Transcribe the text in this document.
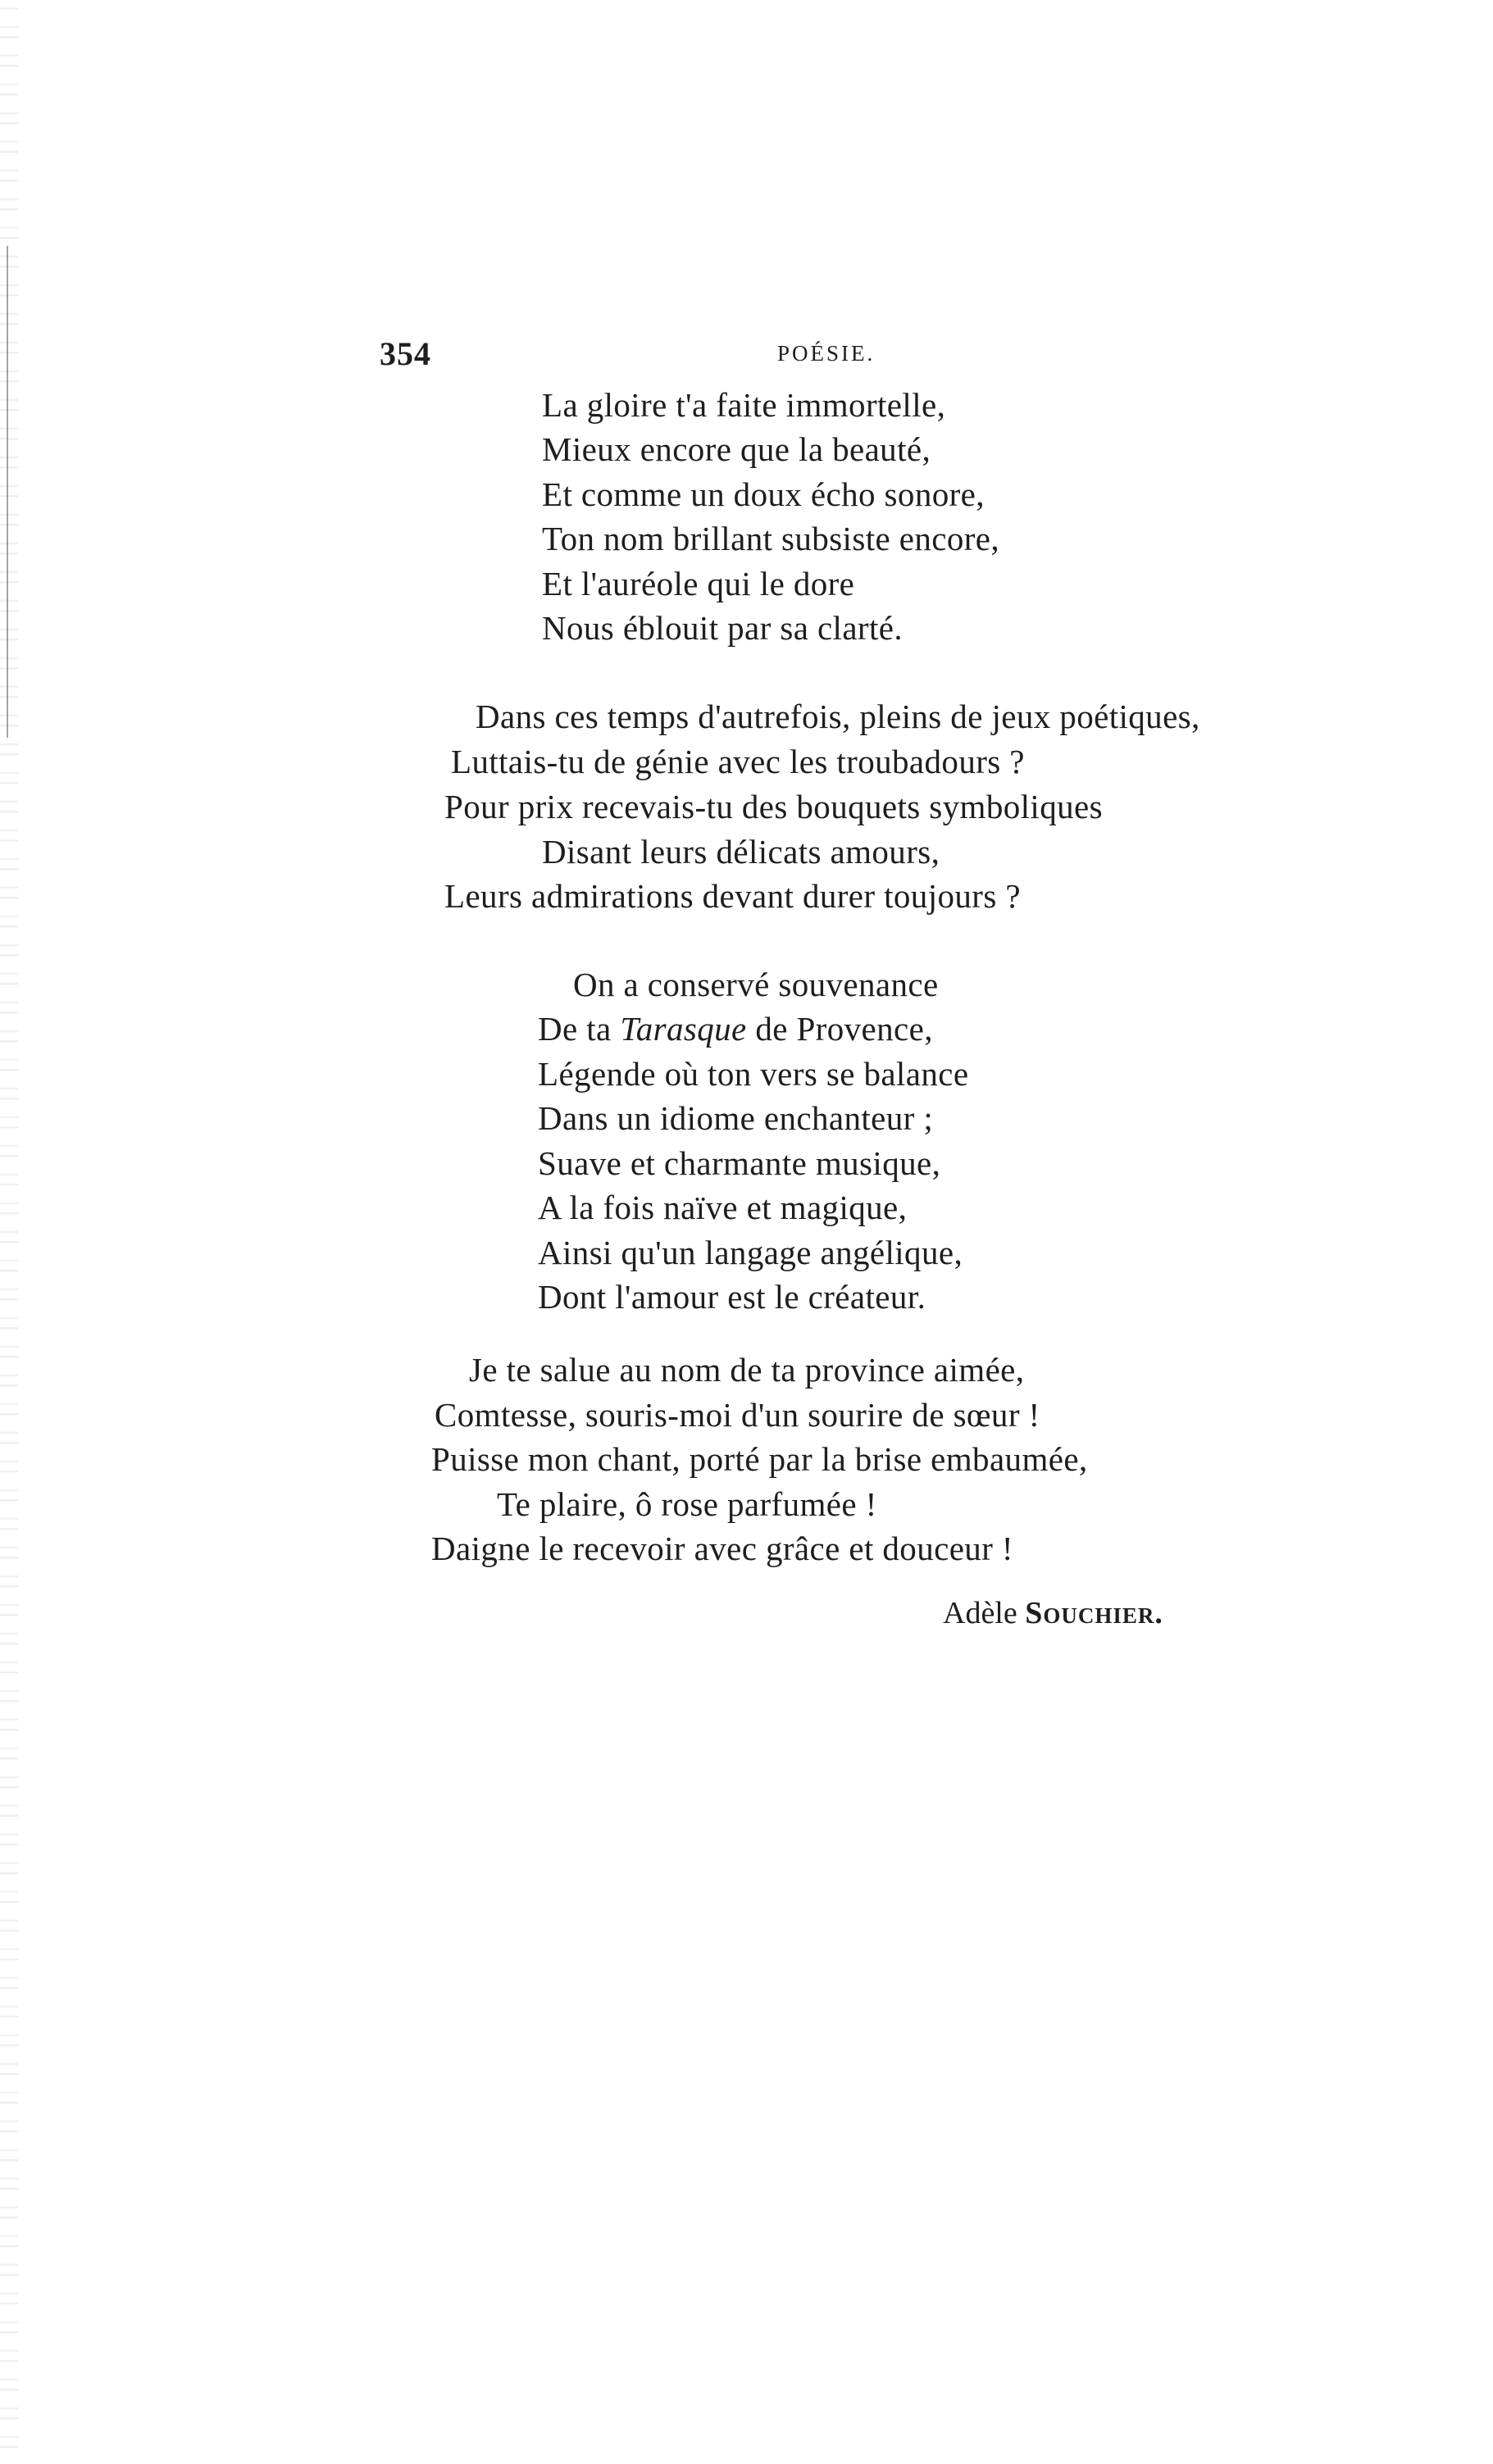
354	POÉSIE.
La gloire t'a faite immortelle,
Mieux encore que la beauté,
Et comme un doux écho sonore,
Ton nom brillant subsiste encore,
Et l'auréole qui le dore
Nous éblouit par sa clarté.
Dans ces temps d'autrefois, pleins de jeux poétiques,
Luttais-tu de génie avec les troubadours ?
Pour prix recevais-tu des bouquets symboliques
Disant leurs délicats amours,
Leurs admirations devant durer toujours ?
On a conservé souvenance
De ta Tarasque de Provence,
Légende où ton vers se balance
Dans un idiome enchanteur ;
Suave et charmante musique,
A la fois naïve et magique,
Ainsi qu'un langage angélique,
Dont l'amour est le créateur.
Je te salue au nom de ta province aimée,
Comtesse, souris-moi d'un sourire de sœur !
Puisse mon chant, porté par la brise embaumée,
Te plaire, ô rose parfumée !
Daigne le recevoir avec grâce et douceur !
Adèle Souchier.
